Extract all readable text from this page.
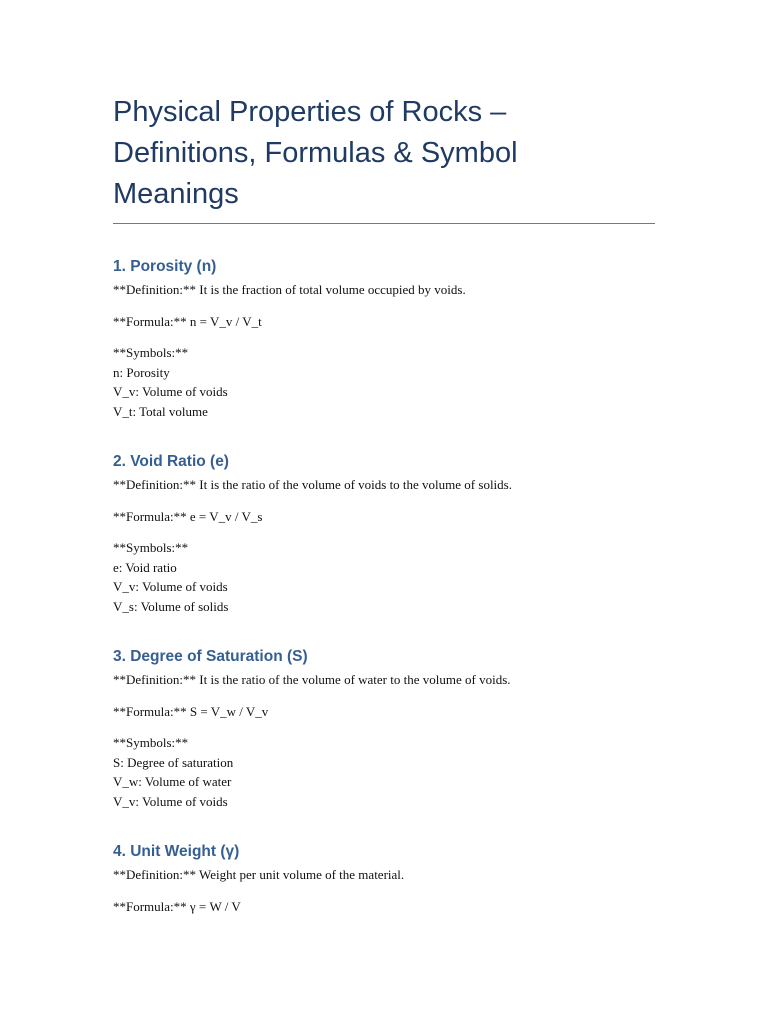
Physical Properties of Rocks –
Definitions, Formulas & Symbol
Meanings
1. Porosity (n)

**Definition:** It is the fraction of total volume occupied by voids.

**Formula:** n = V_v / V_t

**Symbols:**
n: Porosity
V_v: Volume of voids
V_t: Total volume

2. Void Ratio (e)

**Definition:** It is the ratio of the volume of voids to the volume of solids.

**Formula:** e = V_v / V_s

**Symbols:**
e: Void ratio
V_v: Volume of voids
V_s: Volume of solids

3. Degree of Saturation (S)

**Definition:** It is the ratio of the volume of water to the volume of voids.

**Formula:** S = V_w / V_v

**Symbols:**
S: Degree of saturation
V_w: Volume of water
V_v: Volume of voids

4. Unit Weight (γ)

**Definition:** Weight per unit volume of the material.

**Formula:** γ = W / V
